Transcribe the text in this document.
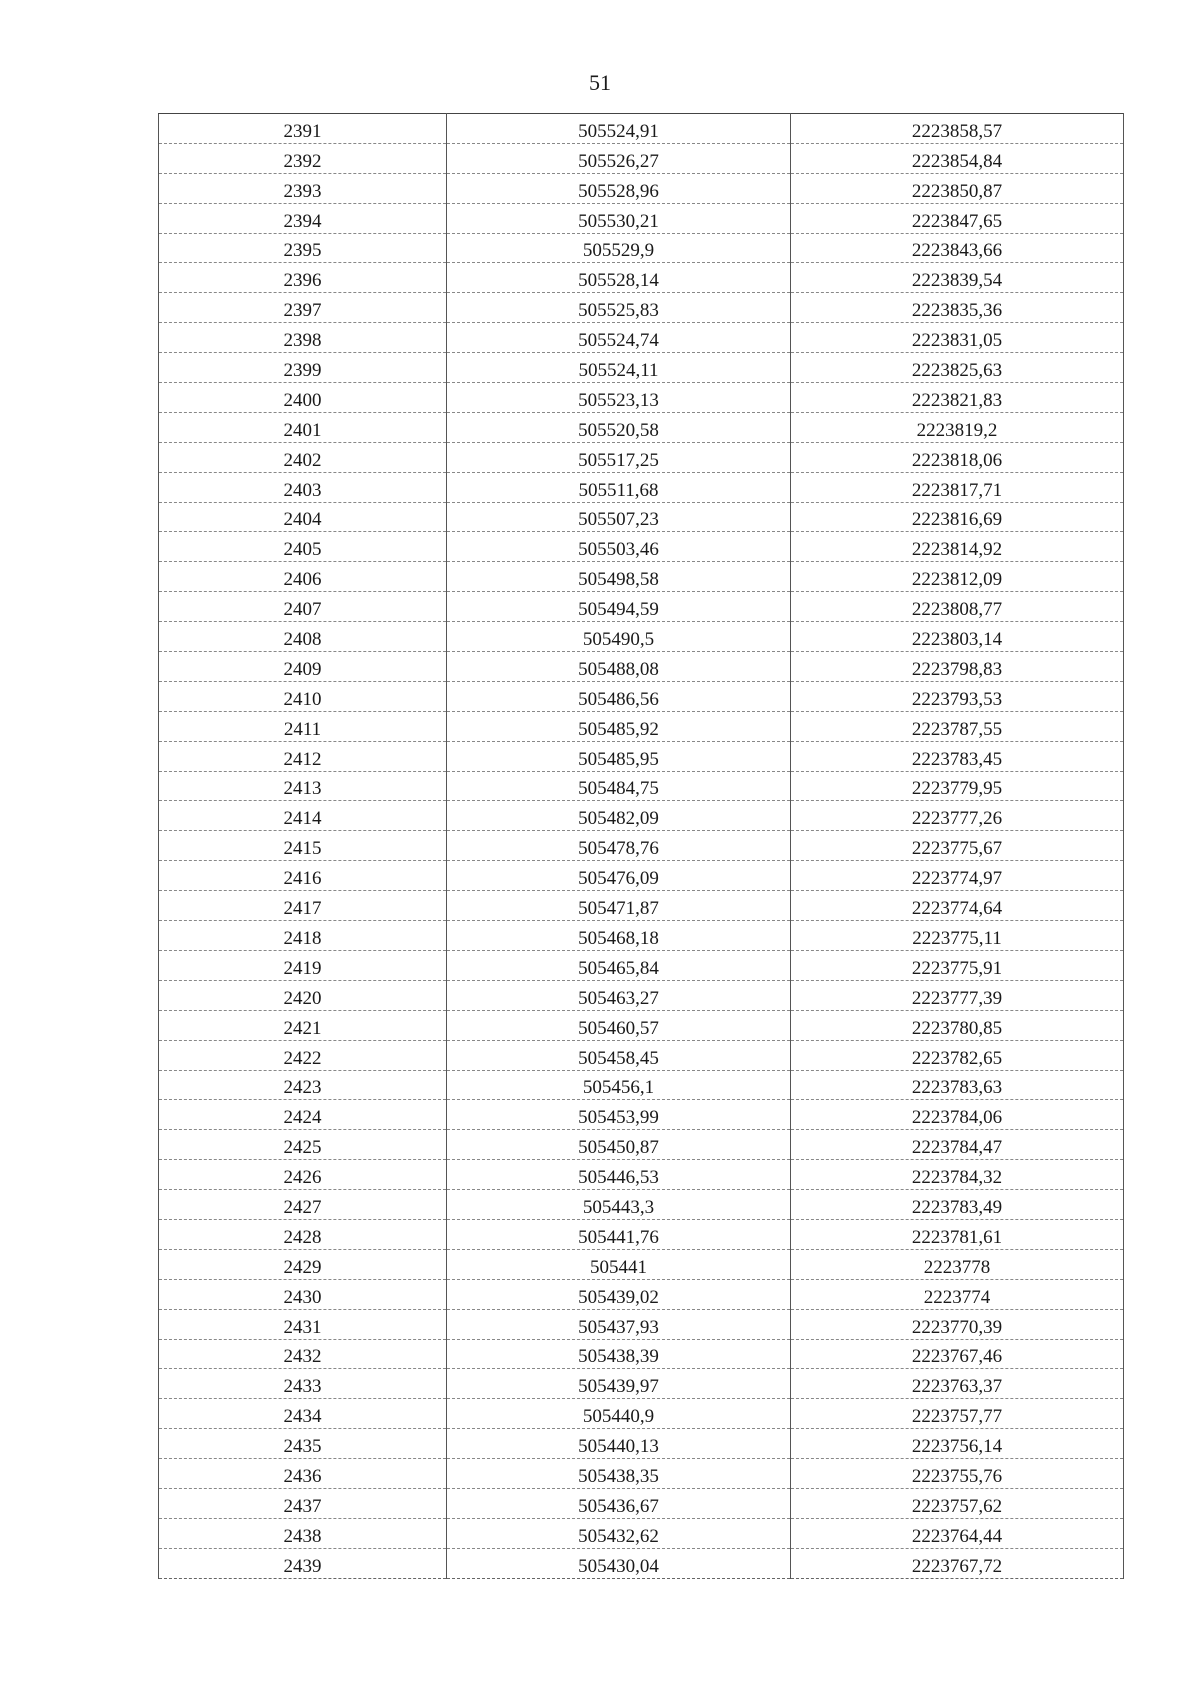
51
2391	505524,91	2223858,57
2392	505526,27	2223854,84
2393	505528,96	2223850,87
2394	505530,21	2223847,65
2395	505529,9	2223843,66
2396	505528,14	2223839,54
2397	505525,83	2223835,36
2398	505524,74	2223831,05
2399	505524,11	2223825,63
2400	505523,13	2223821,83
2401	505520,58	2223819,2
2402	505517,25	2223818,06
2403	505511,68	2223817,71
2404	505507,23	2223816,69
2405	505503,46	2223814,92
2406	505498,58	2223812,09
2407	505494,59	2223808,77
2408	505490,5	2223803,14
2409	505488,08	2223798,83
2410	505486,56	2223793,53
2411	505485,92	2223787,55
2412	505485,95	2223783,45
2413	505484,75	2223779,95
2414	505482,09	2223777,26
2415	505478,76	2223775,67
2416	505476,09	2223774,97
2417	505471,87	2223774,64
2418	505468,18	2223775,11
2419	505465,84	2223775,91
2420	505463,27	2223777,39
2421	505460,57	2223780,85
2422	505458,45	2223782,65
2423	505456,1	2223783,63
2424	505453,99	2223784,06
2425	505450,87	2223784,47
2426	505446,53	2223784,32
2427	505443,3	2223783,49
2428	505441,76	2223781,61
2429	505441	2223778
2430	505439,02	2223774
2431	505437,93	2223770,39
2432	505438,39	2223767,46
2433	505439,97	2223763,37
2434	505440,9	2223757,77
2435	505440,13	2223756,14
2436	505438,35	2223755,76
2437	505436,67	2223757,62
2438	505432,62	2223764,44
2439	505430,04	2223767,72
